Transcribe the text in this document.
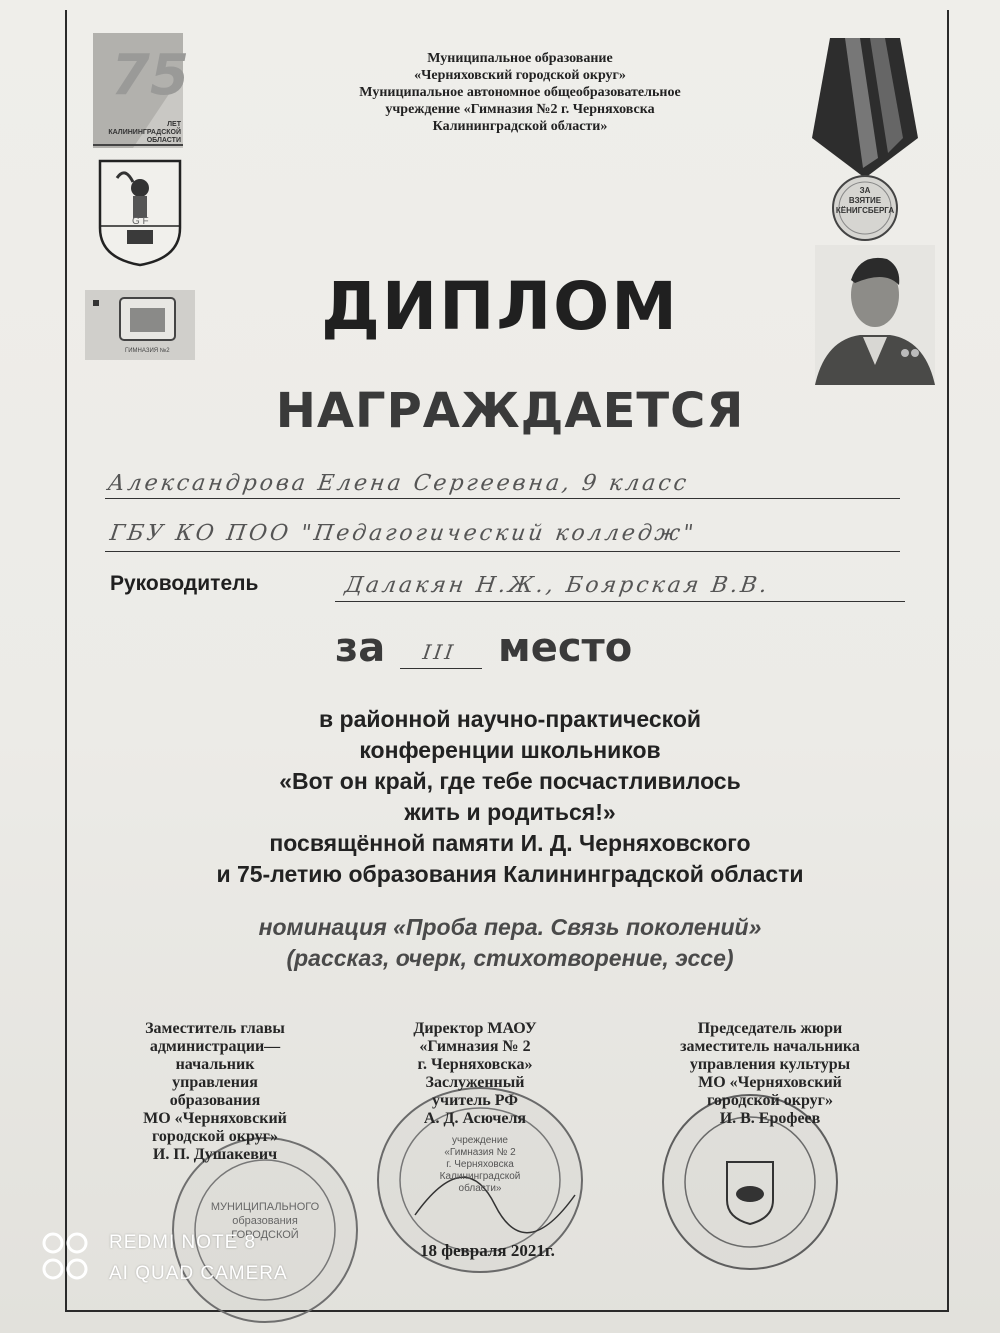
75
ЛЕТ
КАЛИНИНГРАДСКОЙ
ОБЛАСТИ
G F
ГИМНАЗИЯ №2
ЗА
ВЗЯТИЕ
КЁНИГСБЕРГА
Муниципальное образование
«Черняховский городской округ»
Муниципальное автономное общеобразовательное
учреждение «Гимназия №2 г. Черняховска
Калининградской области»
ДИПЛОМ
НАГРАЖДАЕТСЯ
Александрова Елена Сергеевна, 9 класс
ГБУ КО ПОО "Педагогический колледж"
Руководитель	Далакян Н.Ж., Боярская В.В.
за III место
в районной научно-практической
конференции школьников
«Вот он край, где тебе посчастливилось
жить и родиться!»
посвящённой памяти И. Д. Черняховского
и 75-летию образования Калининградской области
номинация «Проба пера. Связь поколений»
(рассказ, очерк, стихотворение, эссе)
МУНИЦИПАЛЬНОГО
образования
ГОРОДСКОЙ
учреждение
«Гимназия № 2
г. Черняховска
Калининградской
области»
Заместитель главы
администрации—
начальник
управления
образования
МО «Черняховский
городской округ»
И. П. Душакевич
Директор МАОУ
«Гимназия № 2
г. Черняховска»
Заслуженный
учитель РФ
А. Д. Асючеля
Председатель жюри
заместитель начальника
управления культуры
МО «Черняховский
городской округ»
И. В. Ерофеев
18 февраля 2021г.
REDMI NOTE 8
AI QUAD CAMERA
